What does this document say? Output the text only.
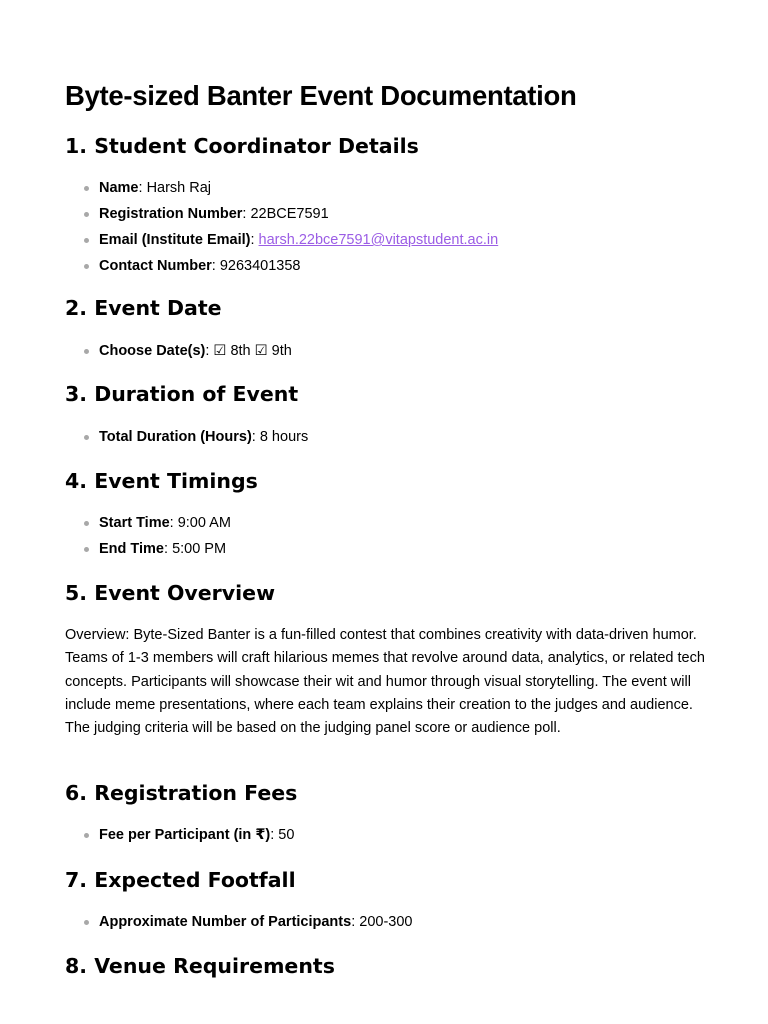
Byte-sized Banter Event Documentation
1. Student Coordinator Details
Name: Harsh Raj
Registration Number: 22BCE7591
Email (Institute Email): harsh.22bce7591@vitapstudent.ac.in
Contact Number: 9263401358
2. Event Date
Choose Date(s): ☑ 8th ☑ 9th
3. Duration of Event
Total Duration (Hours): 8 hours
4. Event Timings
Start Time: 9:00 AM
End Time: 5:00 PM
5. Event Overview

Overview: Byte-Sized Banter is a fun-filled contest that combines creativity with data-driven humor. Teams of 1-3 members will craft hilarious memes that revolve around data, analytics, or related tech concepts. Participants will showcase their wit and humor through visual storytelling. The event will include meme presentations, where each team explains their creation to the judges and audience. The judging criteria will be based on the judging panel score or audience poll.

6. Registration Fees
Fee per Participant (in ₹): 50
7. Expected Footfall
Approximate Number of Participants: 200-300
8. Venue Requirements
